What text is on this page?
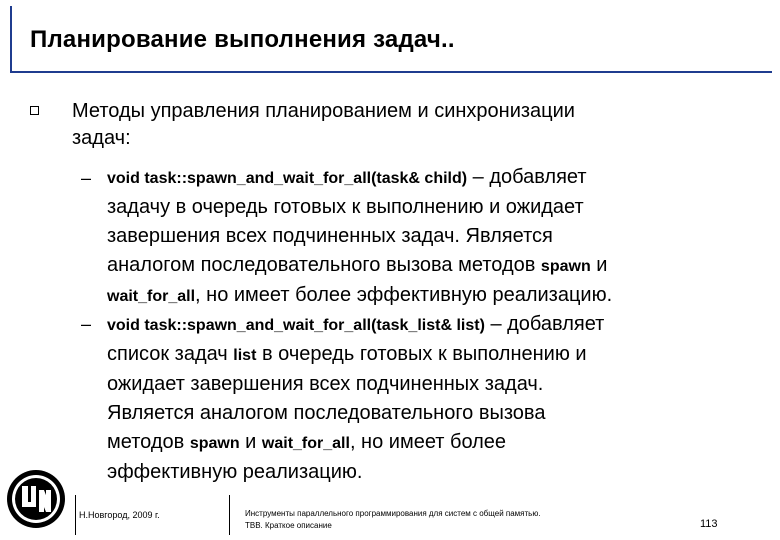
Планирование выполнения задач..
Методы управления планированием и синхронизации
задач:
– void task::spawn_and_wait_for_all(task& child) – добавляет
задачу в очередь готовых к выполнению и ожидает
завершения всех подчиненных задач. Является
аналогом последовательного вызова методов spawn и
wait_for_all, но имеет более эффективную реализацию.
– void task::spawn_and_wait_for_all(task_list& list) – добавляет
список задач list в очередь готовых к выполнению и
ожидает завершения всех подчиненных задач.
Является аналогом последовательного вызова
методов spawn и wait_for_all, но имеет более
эффективную реализацию.
Н.Новгород, 2009 г.	Инструменты параллельного программирования для систем с общей памятью.
TBB. Краткое описание	113
